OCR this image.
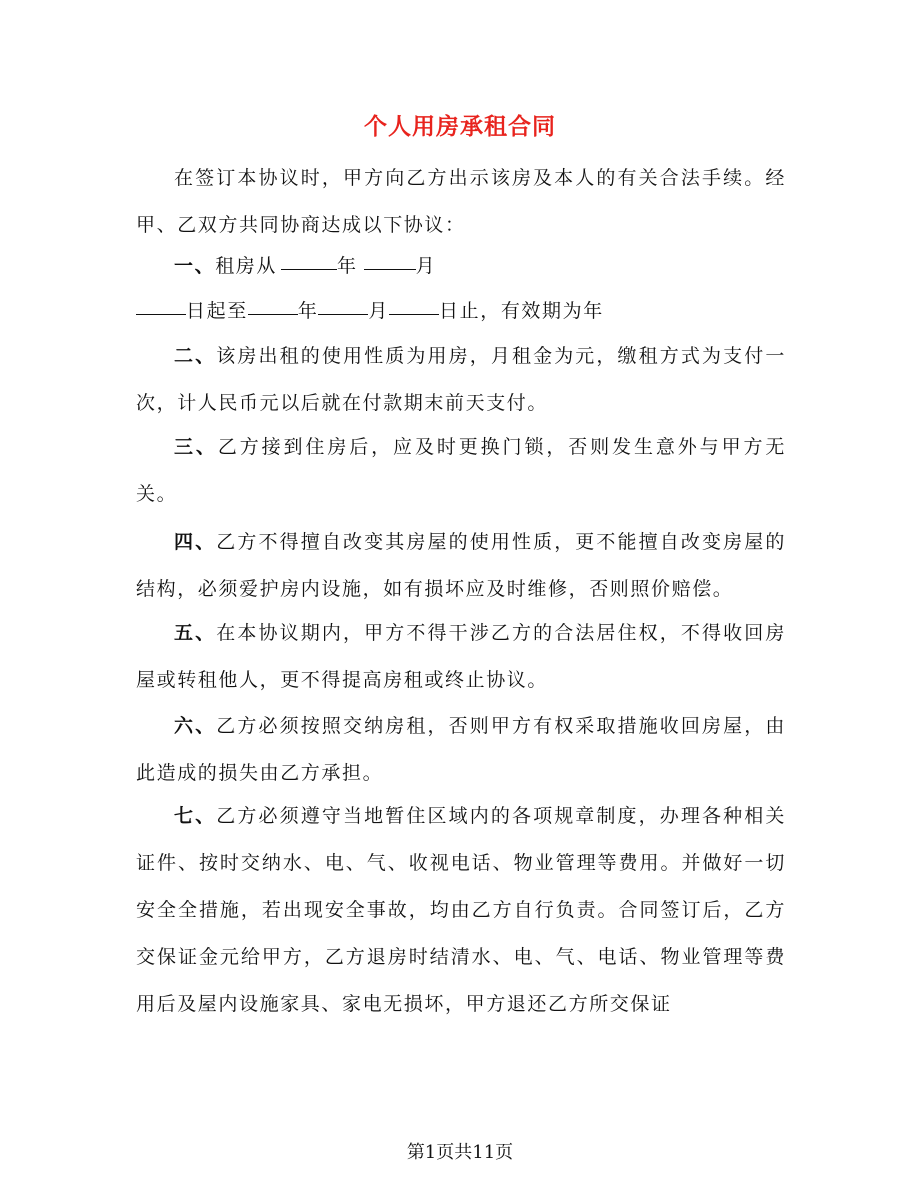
个人用房承租合同

在签订本协议时，甲方向乙方出示该房及本人的有关合法手续。经甲、乙双方共同协商达成以下协议：

一、租房从	年	月

日起至	年	月	日止，有效期为年

二、该房出租的使用性质为用房，月租金为元，缴租方式为支付一次，计人民币元以后就在付款期末前天支付。

三、乙方接到住房后，应及时更换门锁，否则发生意外与甲方无关。

四、乙方不得擅自改变其房屋的使用性质，更不能擅自改变房屋的结构，必须爱护房内设施，如有损坏应及时维修，否则照价赔偿。

五、在本协议期内，甲方不得干涉乙方的合法居住权，不得收回房屋或转租他人，更不得提高房租或终止协议。

六、乙方必须按照交纳房租，否则甲方有权采取措施收回房屋，由此造成的损失由乙方承担。

七、乙方必须遵守当地暂住区域内的各项规章制度，办理各种相关证件、按时交纳水、电、气、收视电话、物业管理等费用。并做好一切安全全措施，若出现安全事故，均由乙方自行负责。合同签订后，乙方交保证金元给甲方，乙方退房时结清水、电、气、电话、物业管理等费用后及屋内设施家具、家电无损坏，甲方退还乙方所交保证

第1页共11页
